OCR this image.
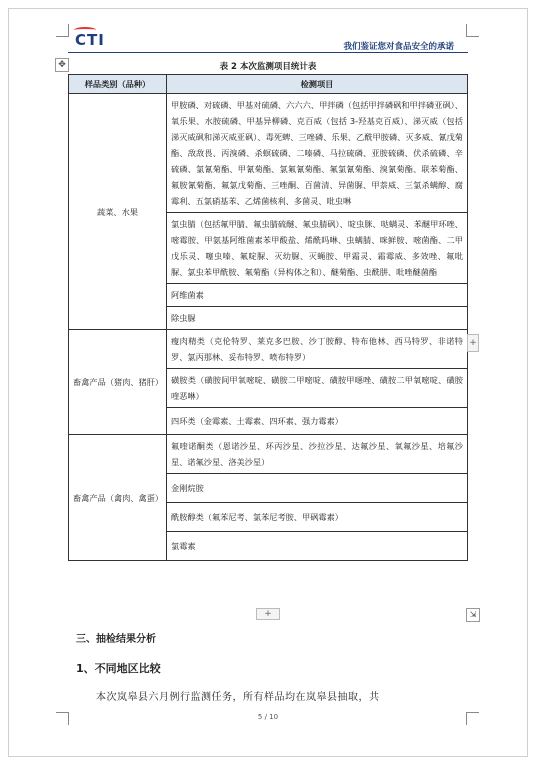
CTI	我们鉴证您对食品安全的承诺
✥	表 2 本次监测项目统计表
样品类别（品种）	检测项目
蔬菜、水果	甲胺磷、对硫磷、甲基对硫磷、六六六、甲拌磷（包括甲拌磷砜和甲拌磷亚砜）、氧乐果、水胺硫磷、甲基异柳磷、克百威（包括 3-羟基克百威）、涕灭威（包括涕灭威砜和涕灭威亚砜）、毒死蜱、三唑磷、乐果、乙酰甲胺磷、灭多威、氰戊菊酯、敌敌畏、丙溴磷、杀螟硫磷、二嗪磷、马拉硫磷、亚胺硫磷、伏杀硫磷、辛硫磷、氯氰菊酯、甲氰菊酯、氯氟氰菊酯、氟氯氰菊酯、溴氰菊酯、联苯菊酯、氟胺氰菊酯、氟氯戊菊酯、三唑酮、百菌清、异菌脲、甲萘威、三氯杀螨醇、腐霉利、五氯硝基苯、乙烯菌核利、多菌灵、吡虫啉
	氯虫腈（包括氟甲腈、氟虫腈硫醚、氟虫腈砜）、啶虫脒、哒螨灵、苯醚甲环唑、嘧霉胺、甲氨基阿维菌素苯甲酸盐、烯酰吗啉、虫螨腈、咪鲜胺、嘧菌酯、二甲戊乐灵、噻虫嗪、氟啶脲、灭幼脲、灭蝇胺、甲霜灵、霜霉威、多效唑、氟吡脲、氯虫苯甲酰胺、氟菊酯（异构体之和）、醚菊酯、虫酰肼、吡唑醚菌酯
	阿维菌素
	除虫脲
畜禽产品（猪肉、猪肝）	瘦肉精类（克伦特罗、莱克多巴胺、沙丁胺醇、特布他林、西马特罗、非诺特罗、氯丙那林、妥布特罗、喷布特罗）
	磺胺类（磺胺间甲氧嘧啶、磺胺二甲嘧啶、磺胺甲噁唑、磺胺二甲氧嘧啶、磺胺喹恶啉）
	四环类（金霉素、土霉素、四环素、强力霉素）
畜禽产品（禽肉、禽蛋）	氟喹诺酮类（恩诺沙星、环丙沙星、沙拉沙星、达氟沙星、氧氟沙星、培氟沙星、诺氟沙星、洛美沙星）
	金刚烷胺
	酰胺醇类（氟苯尼考、氯苯尼考胺、甲砜霉素）
	氯霉素
+
+	⇲
三、抽检结果分析
1、不同地区比较
本次岚皋县六月例行监测任务，所有样品均在岚皋县抽取，共
5 / 10
